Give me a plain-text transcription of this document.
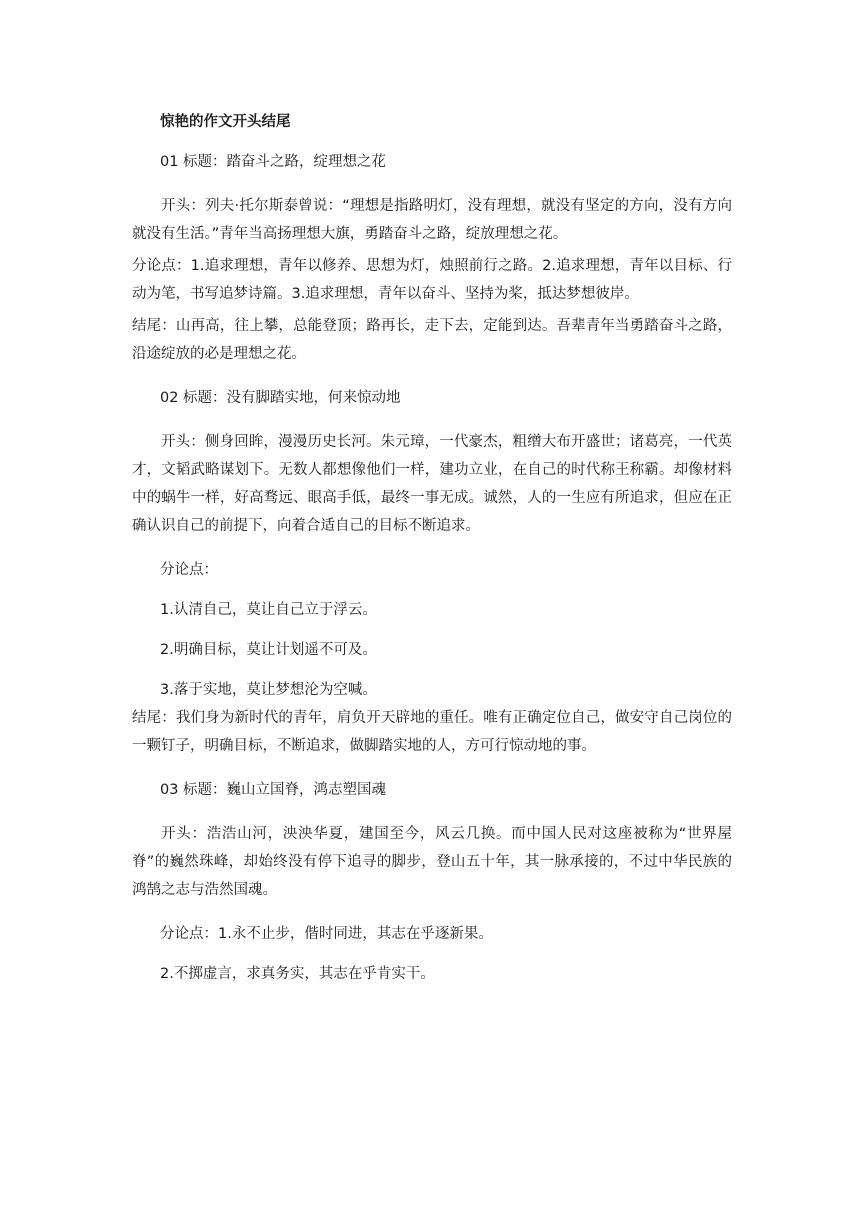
惊艳的作文开头结尾

01 标题：踏奋斗之路，绽理想之花

开头：列夫·托尔斯泰曾说：“理想是指路明灯，没有理想，就没有坚定的方向，没有方向就没有生活。”青年当高扬理想大旗，勇踏奋斗之路，绽放理想之花。

分论点：1.追求理想，青年以修养、思想为灯，烛照前行之路。2.追求理想，青年以目标、行动为笔，书写追梦诗篇。3.追求理想，青年以奋斗、坚持为桨，抵达梦想彼岸。

结尾：山再高，往上攀，总能登顶；路再长，走下去，定能到达。吾辈青年当勇踏奋斗之路，沿途绽放的必是理想之花。

02 标题：没有脚踏实地，何来惊动地

开头：侧身回眸，漫漫历史长河。朱元璋，一代豪杰，粗缯大布开盛世；诸葛亮，一代英才，文韬武略谋划下。无数人都想像他们一样，建功立业，在自己的时代称王称霸。却像材料中的蜗牛一样，好高骛远、眼高手低，最终一事无成。诚然，人的一生应有所追求，但应在正确认识自己的前提下，向着合适自己的目标不断追求。

分论点：

1.认清自己，莫让自己立于浮云。

2.明确目标，莫让计划遥不可及。

3.落于实地，莫让梦想沦为空喊。

结尾：我们身为新时代的青年，肩负开天辟地的重任。唯有正确定位自己，做安守自己岗位的一颗钉子，明确目标，不断追求，做脚踏实地的人，方可行惊动地的事。

03 标题：巍山立国脊，鸿志塑国魂

开头：浩浩山河，泱泱华夏，建国至今，风云几换。而中国人民对这座被称为“世界屋脊”的巍然珠峰，却始终没有停下追寻的脚步，登山五十年，其一脉承接的，不过中华民族的鸿鹄之志与浩然国魂。

分论点：1.永不止步，偕时同进，其志在乎逐新果。

2.不掷虚言，求真务实，其志在乎肯实干。
